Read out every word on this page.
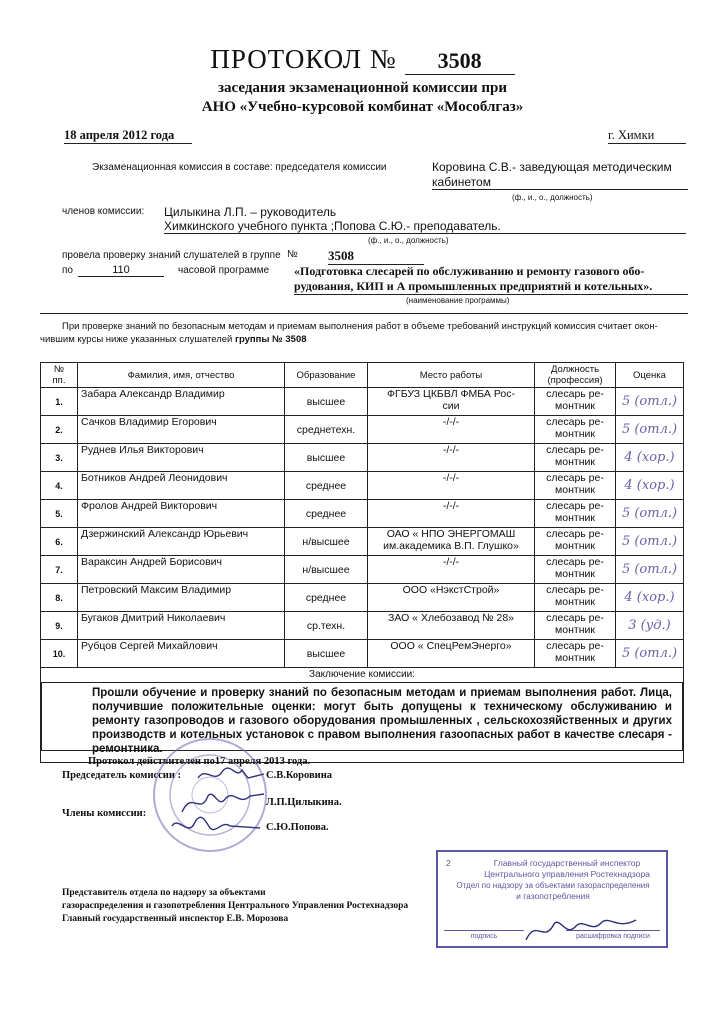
ПРОТОКОЛ № 3508
заседания экзаменационной комиссии при
АНО «Учебно-курсовой комбинат «Мособлгаз»
18 апреля 2012 года	г. Химки
Экзаменационная комиссия в составе: председателя комиссии	Коровина С.В.- заведующая методическим
кабинетом
(ф., и., о., должность)
членов комиссии: Цилыкина Л.П. – руководитель
Химкинского учебного пункта ;Попова С.Ю.- преподаватель.
(ф., и., о., должность)
провела проверку знаний слушателей в группе № 3508
по	110	часовой программе «Подготовка слесарей по обслуживанию и ремонту газового обо-
рудования, КИП и А промышленных предприятий и котельных».
(наименование программы)
При проверке знаний по безопасным методам и приемам выполнения работ в объеме требований инструкций комиссия считает окон-
чившим курсы ниже указанных слушателей группы № 3508
№
пп.	Фамилия, имя, отчество	Образование	Место работы	Должность
(профессия)	Оценка
1.	Забара Александр Владимир	высшее	ФГБУЗ ЦКБВЛ ФМБА Рос-
сии	слесарь ре-
монтник	5 (отл.)
2.	Сачков Владимир Егорович	среднетехн.	-/-/-	слесарь ре-
монтник	5 (отл.)
3.	Руднев Илья Викторович	высшее	-/-/-	слесарь ре-
монтник	4 (хор.)
4.	Ботников Андрей Леонидович	среднее	-/-/-	слесарь ре-
монтник	4 (хор.)
5.	Фролов Андрей Викторович	среднее	-/-/-	слесарь ре-
монтник	5 (отл.)
6.	Дзержинский Александр Юрьевич	н/высшее	ОАО « НПО ЭНЕРГОМАШ
им.академика В.П. Глушко»	слесарь ре-
монтник	5 (отл.)
7.	Вараксин Андрей Борисович	н/высшее	-/-/-	слесарь ре-
монтник	5 (отл.)
8.	Петровский Максим Владимир	среднее	ООО «НэкстСтрой»	слесарь ре-
монтник	4 (хор.)
9.	Бугаков Дмитрий Николаевич	ср.техн.	ЗАО « Хлебозавод № 28»	слесарь ре-
монтник	3 (уд.)
10.	Рубцов Сергей Михайлович	высшее	ООО « СпецРемЭнерго»	слесарь ре-
монтник	5 (отл.)

Заключение комиссии:
Прошли обучение и проверку знаний по безопасным методам и приемам выполнения работ. Лица, получившие положительные оценки: могут быть допущены к техническому обслуживанию и ремонту газопроводов и газового оборудования промышленных , сельскохозяйственных и других производств и котельных установок с правом выполнения газоопасных работ в качестве слесаря - ремонтника.					
Протокол действителен по17 апреля 2013 года.
Председатель комиссии :	С.В.Коровина
Члены комиссии:
Л.П.Цилыкина.
С.Ю.Попова.
Представитель отдела по надзору за объектами
газораспределения и газопотребления Центрального Управления Ростехнадзора
Главный государственный инспектор Е.В. Морозова
2	Главный государственный инспектор
Центрального управления Ростехнадзора
Отдел по надзору за объектами газораспределения
и газопотребления
подпись	расшифровка подписи
